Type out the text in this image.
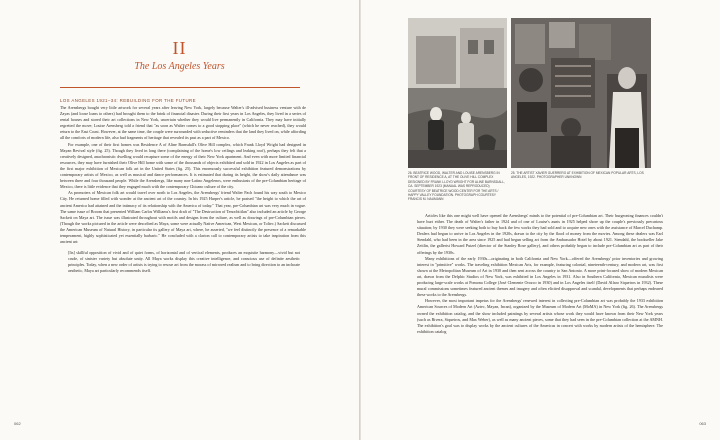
II
The Los Angeles Years
LOS ANGELES 1921–34: REBUILDING FOR THE FUTURE

The Arensbergs bought very little artwork for several years after leaving New York, largely because Walter's ill-advised business venture with de Zayas (and loose loans to others) had brought them to the brink of financial disaster. During their first years in Los Angeles, they lived in a series of rental houses and stored their art collections in New York, uncertain whether they would live permanently in California. They may have initially regretted the move; Louise Arensberg told a friend that "as soon as Walter comes to a good stopping place" (which he never reached), they would return to the East Coast. However, at the same time, the couple were surrounded with seductive reminders that the land they lived on, while affording all the comforts of modern life, also had fragments of heritage that revealed its past as a part of Mexico.

For example, one of their first homes was Residence A of Aline Barnsdall's Olive Hill complex, which Frank Lloyd Wright had designed in Mayan Revival style (fig. 25). Though they lived in long there (complaining of the home's low ceilings and leaking roof), perhaps they felt that a creatively designed, anachronistic dwelling would recapture some of the energy of their New York apartment. And even with more limited financial resources, they may have furnished their Olive Hill home with some of the thousands of objects exhibited and sold in 1922 in Los Angeles as part of the first major exhibition of Mexican folk art in the United States (fig. 25). This enormously successful exhibition featured demonstrations by contemporary artists of Mexico, as well as musical and dance performances. It is estimated that during its height, the show's daily attendance was between three and four thousand people. While the Arensbergs, like many non-Latino Angelenos, were enthusiasts of the pre-Columbian heritage of Mexico, there is little evidence that they engaged much with the contemporary Chicano culture of the city.

As promoters of Mexican folk art would travel over north to Los Angeles, the Arensbergs' friend Walter Pach found his way south to Mexico City. He returned home filled with wonder at the ancient art of the country. In his 1925 Harper's article, he praised "the height to which the art of ancient America had attained and the intimacy of its relationship with the America of today." That year, pre-Columbian art was very much in vogue. The same issue of Broom that presented William Carlos Williams's first draft of "The Destruction of Tenochtitlan" also included an article by George Sackett on Maya art. The issue was illustrated throughout with motifs and designs from the culture, as well as drawings of pre-Columbian pieces. (Though the works pictured in the article were described as Maya, some were actually Native American, West Mexican, or Toltec.) Sackett discussed the American Museum of Natural History, in particular its gallery of Maya art, where, he asserted, "we feel distinctly the presence of a remarkable temperament, highly sophisticated yet essentially barbaric." He concluded with a clarion call to contemporary artists to take inspiration from this ancient art:

[Its] skillful opposition of vivid and of quiet forms, of horizontal and of vertical elements, produces an exquisite harmony—vivid but not crude, of sinister variety but absolute unity. All Maya works display this creative intelligence, and conscious use of definite aesthetic principles. Today, when a new order of artists is trying to rescue art from the morass of mirrored realism and to bring direction to an inchoate aesthetic, Maya art particularly recommends itself.

062
26. BEATRICE WOOD, WALTER AND LOUISE ARENSBERG IN FRONT OF RESIDENCE A, AT THE OLIVE HILL COMPLEX DESIGNED BY FRANK LLOYD WRIGHT FOR ALINE BARNSDALL, CA. SEPTEMBER 1923 (MANUAL WAS REPRODUCED) COURTESY OF BEATRICE WOOD CENTER FOR THE ARTS / HAPPY VALLEY FOUNDATION. PHOTOGRAPH COURTESY FRANCIS M. NAUMANN
25. THE ARTIST XAVIER GUERRERO AT EXHIBITION OF MEXICAN POPULAR ARTS, LOS ANGELES, 1922. PHOTOGRAPHER UNKNOWN

Articles like this one might well have opened the Arensbergs' minds to the potential of pre-Columbian art. Their burgeoning finances couldn't have hurt either. The death of Walter's father in 1924 and of one of Louise's aunts in 1925 helped shore up the couple's previously precarious situation; by 1930 they were seeking both to buy back the few works they had sold and to acquire new ones with the assistance of Marcel Duchamp. Dealers had begun to arrive in Los Angeles in the 1920s, drawn to the city by the flood of money from the movies. Among these dealers was Earl Stendahl, who had been in the area since 1925 and had begun selling art from the Ambassador Hotel by about 1921. Stendahl, the bookseller Jake Zeitlin, the gallerist Howard Putzel (director of the Stanley Rose gallery), and others probably began to include pre-Columbian art as part of their offerings by the 1930s.

Many exhibitions of the early 1930s—originating in both California and New York—offered the Arensbergs' prior inventories and growing interest in "primitive" works. The traveling exhibition Mexican Arts, for example, featuring colonial, nineteenth-century, and modern art, was first shown at the Metropolitan Museum of Art in 1930 and then sent across the country to San Antonio. A more print-focused show of modern Mexican art, drawn from the Delphic Studios of New York, was exhibited in Los Angeles in 1931. Also in Southern California, Mexican muralists were producing large-scale works at Pomona College (José Clemente Orozco in 1930) and in Los Angeles itself (David Alfaro Siqueiros in 1932). These mural commissions sometimes featured ancient themes and imagery and often elicited disapproval and scandal, developments that perhaps endeared these works to the Arensbergs.

However, the most important impetus for the Arensbergs' renewed interest in collecting pre-Columbian art was probably the 1933 exhibition American Sources of Modern Art (Aztec, Mayan, Incan), organized by the Museum of Modern Art (MoMA) in New York (fig. 26). The Arensbergs owned the exhibition catalog, and the show included paintings by several artists whose work they would have known from their New York years (such as Rivera, Siqueiros, and Max Weber), as well as many ancient pieces, some that they had seen in the pre-Columbian collection at the AMNH. The exhibition's goal was to display works by the ancient cultures of the Americas in concert with works by modern artists of the hemisphere. The exhibition catalog

063
